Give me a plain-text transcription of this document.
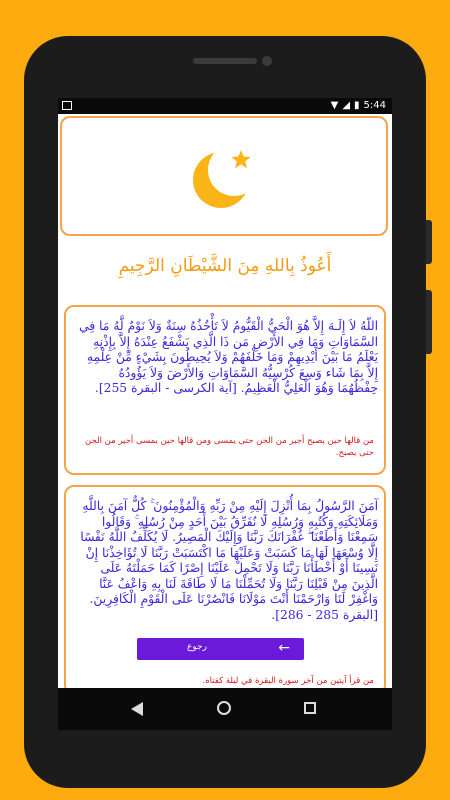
▼ ◢ ▮ 5:44
أَعُوذُ بِاللهِ مِنَ الشَّيْطَانِ الرَّجِيمِ
اللّهُ لاَ إِلَـهَ إِلاَّ هُوَ الْحَيُّ الْقَيُّومُ لاَ تَأْخُذُهُ سِنَةٌ وَلاَ نَوْمٌ لَّهُ مَا فِي السَّمَاوَاتِ وَمَا فِي الأَرْضِ مَن ذَا الَّذِي يَشْفَعُ عِنْدَهُ إِلاَّ بِإِذْنِهِ يَعْلَمُ مَا بَيْنَ أَيْدِيهِمْ وَمَا خَلْفَهُمْ وَلاَ يُحِيطُونَ بِشَيْءٍ مِّنْ عِلْمِهِ إِلاَّ بِمَا شَاء وَسِعَ كُرْسِيُّهُ السَّمَاوَاتِ وَالأَرْضَ وَلاَ يَؤُودُهُ حِفْظُهُمَا وَهُوَ الْعَلِيُّ الْعَظِيمُ. [آية الكرسى - البقرة 255].
من قالها حين يصبح أجير من الجن حتى يمسى ومن قالها حين يمسى أجير من الجن حتى يصبح.
آمَنَ الرَّسُولُ بِمَا أُنْزِلَ إِلَيْهِ مِنْ رَبِّهِ وَالْمُؤْمِنُونَ ۚ كُلٌّ آمَنَ بِاللَّهِ وَمَلَائِكَتِهِ وَكُتُبِهِ وَرُسُلِهِ لَا نُفَرِّقُ بَيْنَ أَحَدٍ مِنْ رُسُلِهِ ۚ وَقَالُوا سَمِعْنَا وَأَطَعْنَا ۖ غُفْرَانَكَ رَبَّنَا وَإِلَيْكَ الْمَصِيرُ. لَا يُكَلِّفُ اللَّهُ نَفْسًا إِلَّا وُسْعَهَا لَهَا مَا كَسَبَتْ وَعَلَيْهَا مَا اكْتَسَبَتْ رَبَّنَا لَا تُؤَاخِذْنَا إِنْ نَسِينَا أَوْ أَخْطَأْنَا رَبَّنَا وَلَا تَحْمِلْ عَلَيْنَا إِصْرًا كَمَا حَمَلْتَهُ عَلَى الَّذِينَ مِنْ قَبْلِنَا رَبَّنَا وَلَا تُحَمِّلْنَا مَا لَا طَاقَةَ لَنَا بِهِ وَاعْفُ عَنَّا وَاغْفِرْ لَنَا وَارْحَمْنَا أَنْتَ مَوْلَانَا فَانْصُرْنَا عَلَى الْقَوْمِ الْكَافِرِينَ. [البقرة 285 - 286].
من قرأ آيتين من آخر سورة البقرة في ليلة كفتاه.
رجوع	←
